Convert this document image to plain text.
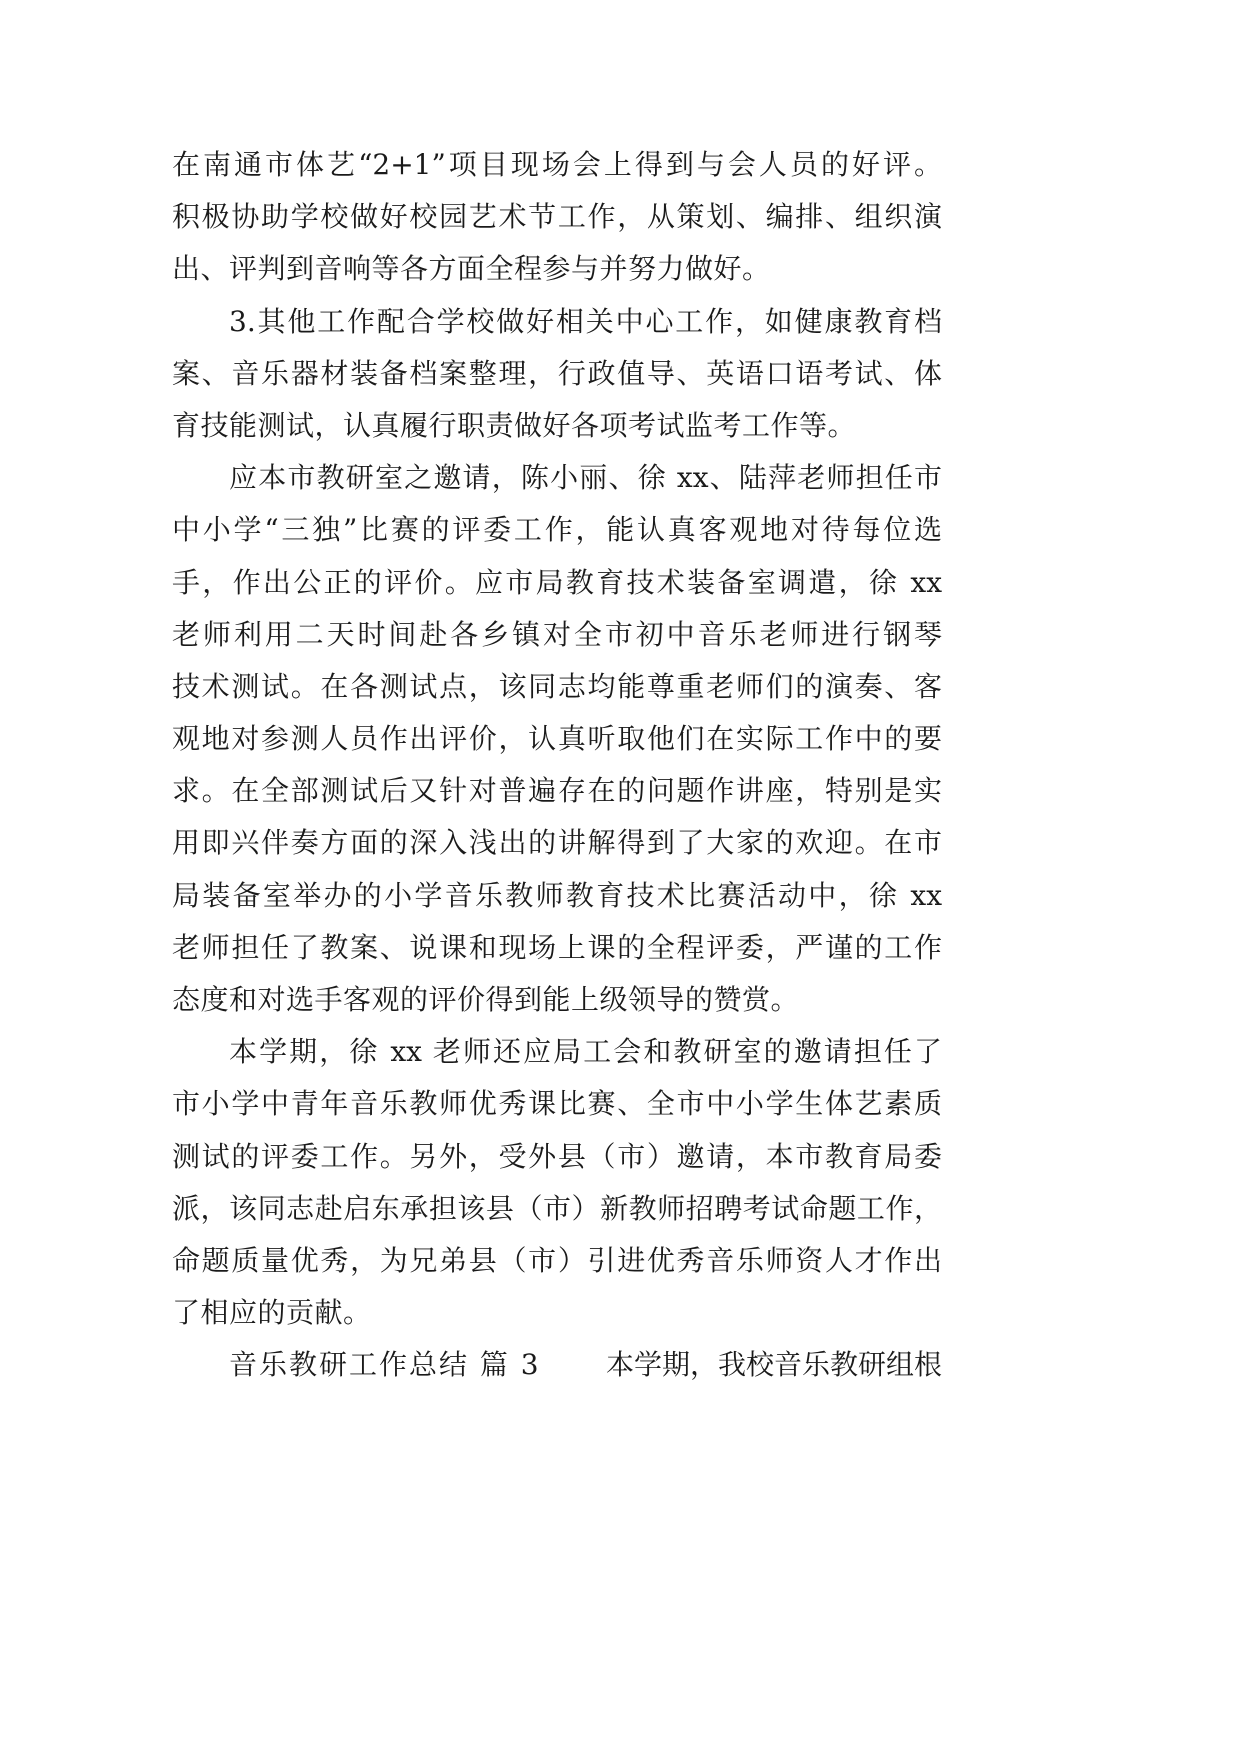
在南通市体艺“2+1”项目现场会上得到与会人员的好评。
积极协助学校做好校园艺术节工作，从策划、编排、组织演
出、评判到音响等各方面全程参与并努力做好。
3.其他工作配合学校做好相关中心工作，如健康教育档
案、音乐器材装备档案整理，行政值导、英语口语考试、体
育技能测试，认真履行职责做好各项考试监考工作等。
应本市教研室之邀请，陈小丽、徐 xx、陆萍老师担任市
中小学“三独”比赛的评委工作，能认真客观地对待每位选
手，作出公正的评价。应市局教育技术装备室调遣，徐 xx
老师利用二天时间赴各乡镇对全市初中音乐老师进行钢琴
技术测试。在各测试点，该同志均能尊重老师们的演奏、客
观地对参测人员作出评价，认真听取他们在实际工作中的要
求。在全部测试后又针对普遍存在的问题作讲座，特别是实
用即兴伴奏方面的深入浅出的讲解得到了大家的欢迎。在市
局装备室举办的小学音乐教师教育技术比赛活动中，徐 xx
老师担任了教案、说课和现场上课的全程评委，严谨的工作
态度和对选手客观的评价得到能上级领导的赞赏。
本学期，徐 xx 老师还应局工会和教研室的邀请担任了
市小学中青年音乐教师优秀课比赛、全市中小学生体艺素质
测试的评委工作。另外，受外县（市）邀请，本市教育局委
派，该同志赴启东承担该县（市）新教师招聘考试命题工作，
命题质量优秀，为兄弟县（市）引进优秀音乐师资人才作出
了相应的贡献。
音乐教研工作总结 篇 3 本学期，我校音乐教研组根
